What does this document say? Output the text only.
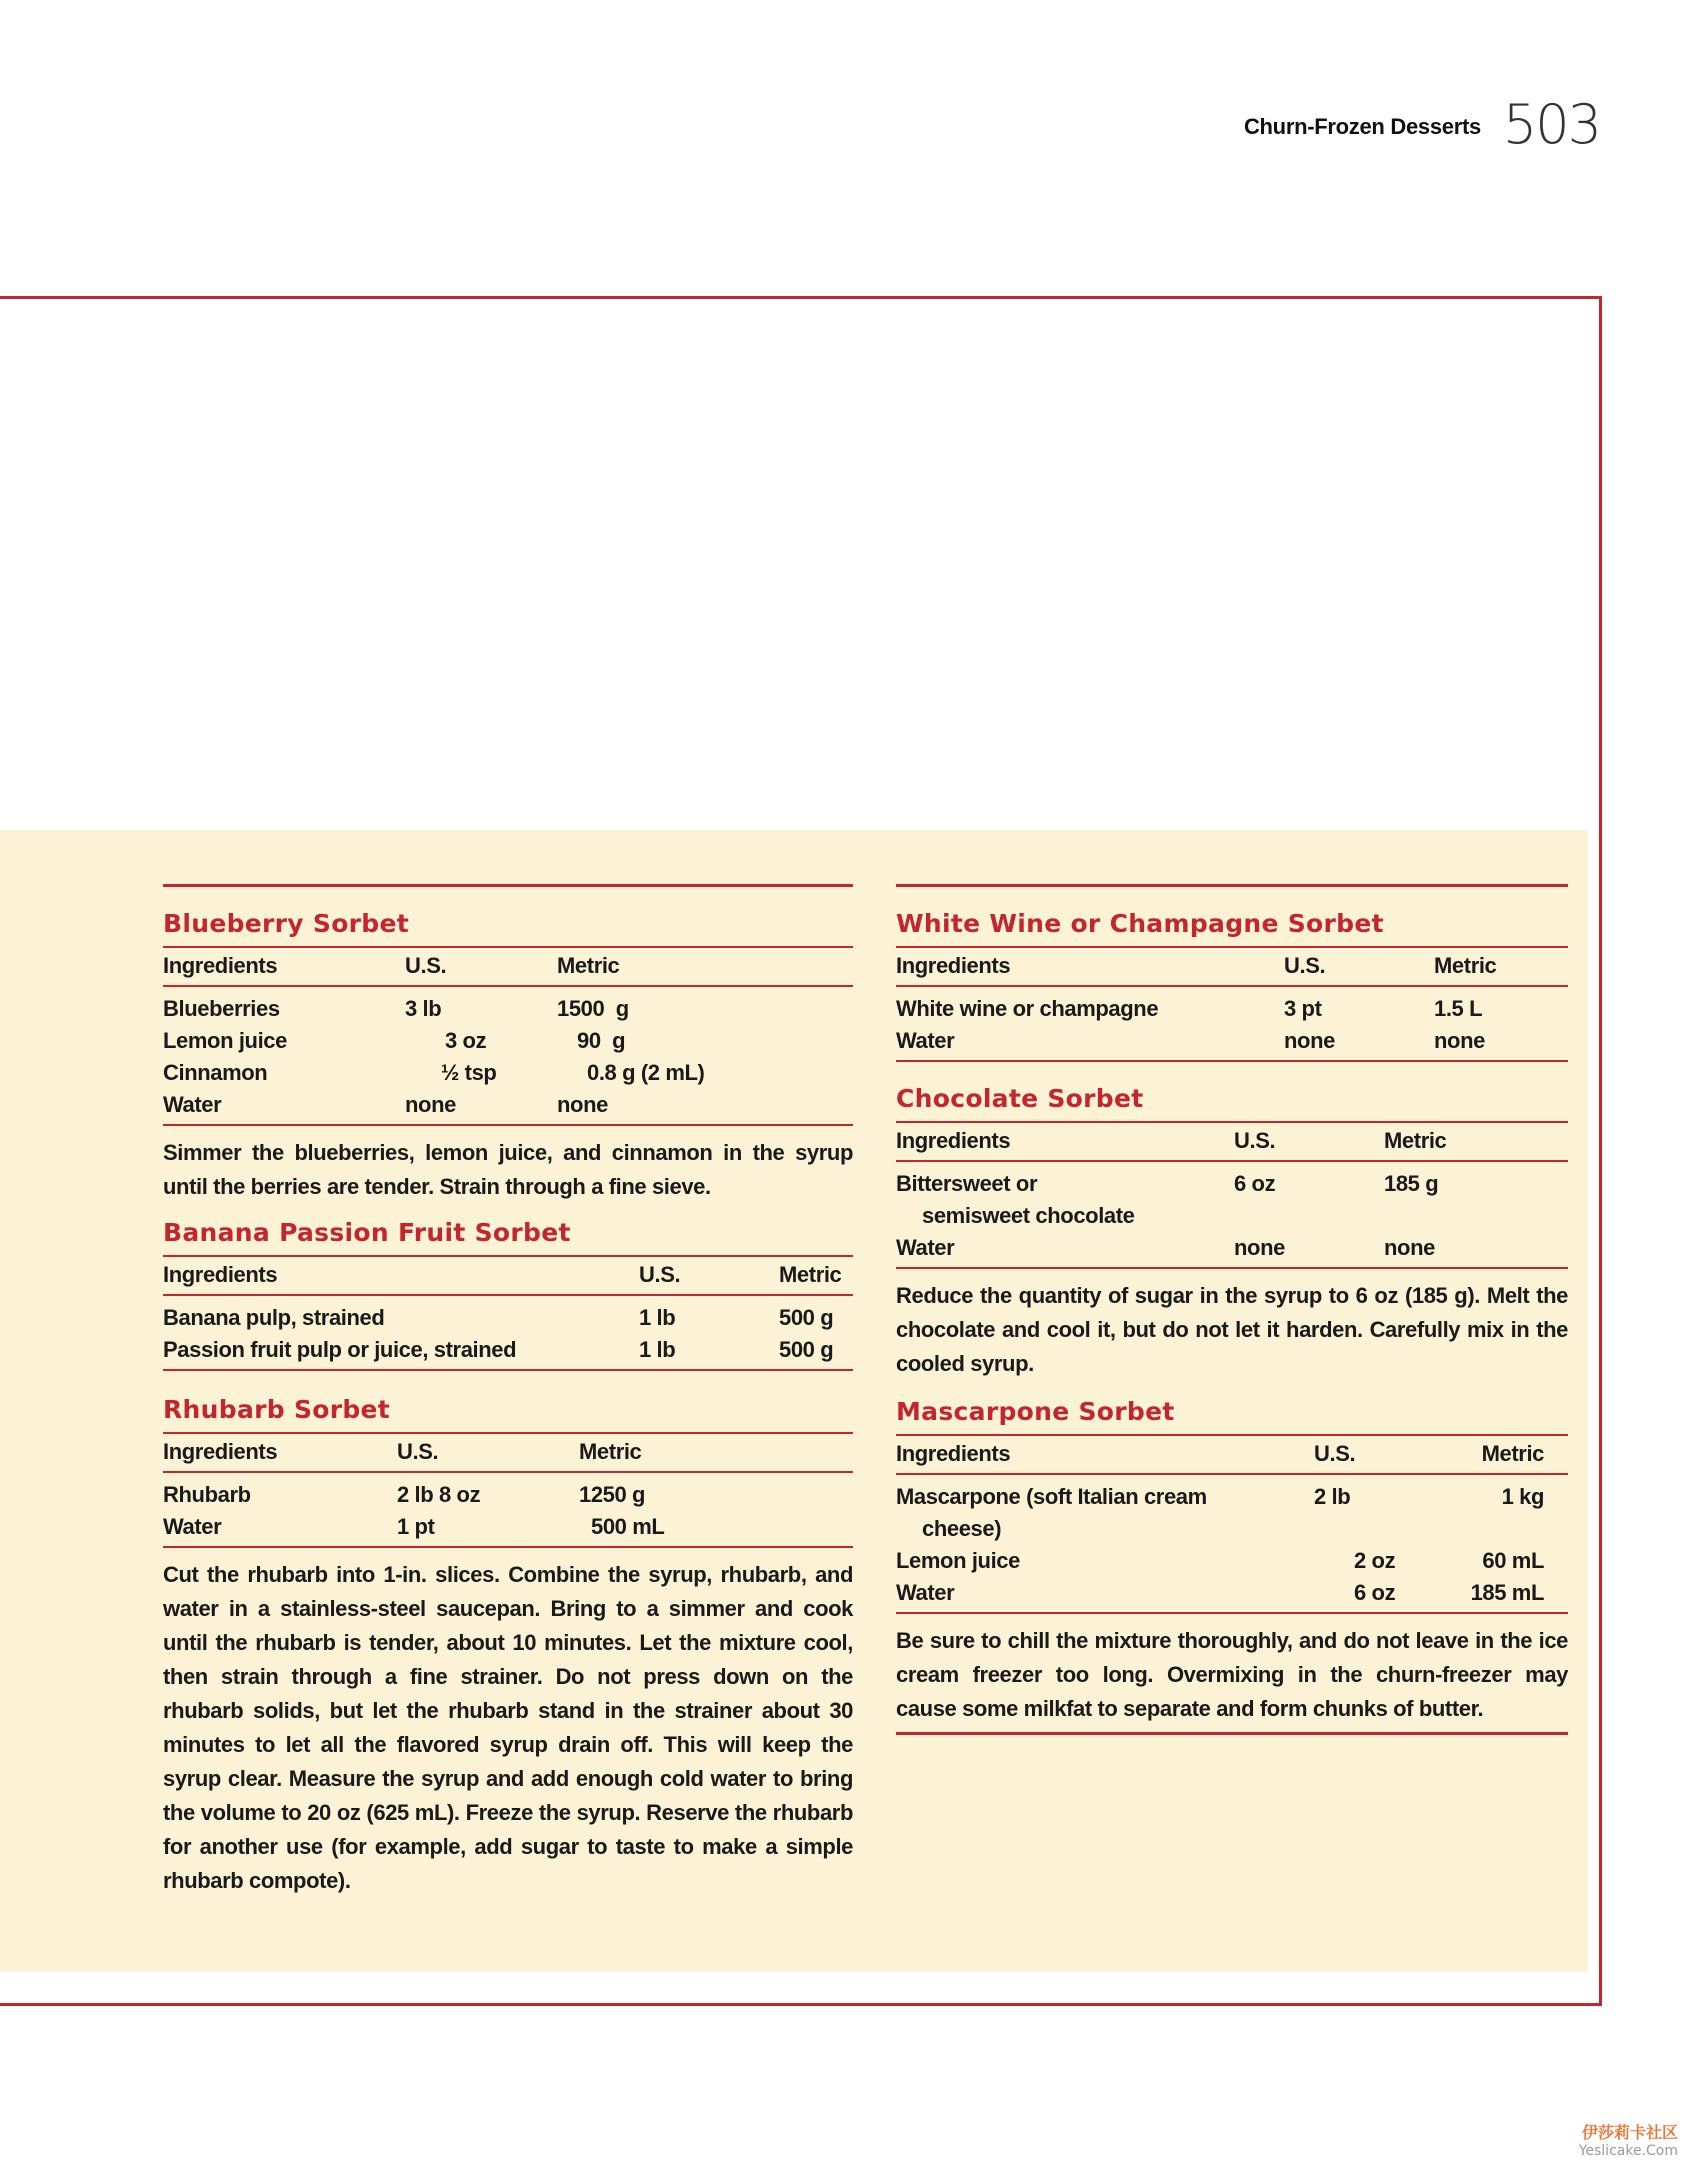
Churn-Frozen Desserts 503
Blueberry Sorbet
Ingredients	U.S.	Metric
Blueberries	3 lb	1500  g
Lemon juice	3 oz	90  g
Cinnamon	½ tsp	0.8 g (2 mL)
Water	none	none

Simmer the blueberries, lemon juice, and cinnamon in the syrup until the berries are tender. Strain through a fine sieve.

Banana Passion Fruit Sorbet
Ingredients	U.S.	Metric
Banana pulp, strained	1 lb	500 g
Passion fruit pulp or juice, strained	1 lb	500 g

Rhubarb Sorbet
Ingredients	U.S.	Metric
Rhubarb	2 lb 8 oz	1250 g
Water	1 pt	500 mL

Cut the rhubarb into 1-in. slices. Combine the syrup, rhubarb, and water in a stainless-steel saucepan. Bring to a simmer and cook until the rhubarb is tender, about 10 minutes. Let the mixture cool, then strain through a fine strainer. Do not press down on the rhubarb solids, but let the rhubarb stand in the strainer about 30 minutes to let all the flavored syrup drain off. This will keep the syrup clear. Measure the syrup and add enough cold water to bring the volume to 20 oz (625 mL). Freeze the syrup. Reserve the rhubarb for another use (for example, add sugar to taste to make a simple rhubarb compote).

White Wine or Champagne Sorbet
Ingredients	U.S.	Metric
White wine or champagne	3 pt	1.5 L
Water	none	none

Chocolate Sorbet
Ingredients	U.S.	Metric
Bittersweet or	6 oz	185 g
semisweet chocolate		
Water	none	none

Reduce the quantity of sugar in the syrup to 6 oz (185 g). Melt the chocolate and cool it, but do not let it harden. Carefully mix in the cooled syrup.

Mascarpone Sorbet
Ingredients	U.S.	Metric
Mascarpone (soft Italian cream	2 lb	1 kg
cheese)		
Lemon juice	2 oz	60 mL
Water	6 oz	185 mL

Be sure to chill the mixture thoroughly, and do not leave in the ice cream freezer too long. Overmixing in the churn-freezer may cause some milkfat to separate and form chunks of butter.

伊莎莉卡社区
Yeslicake.Com
